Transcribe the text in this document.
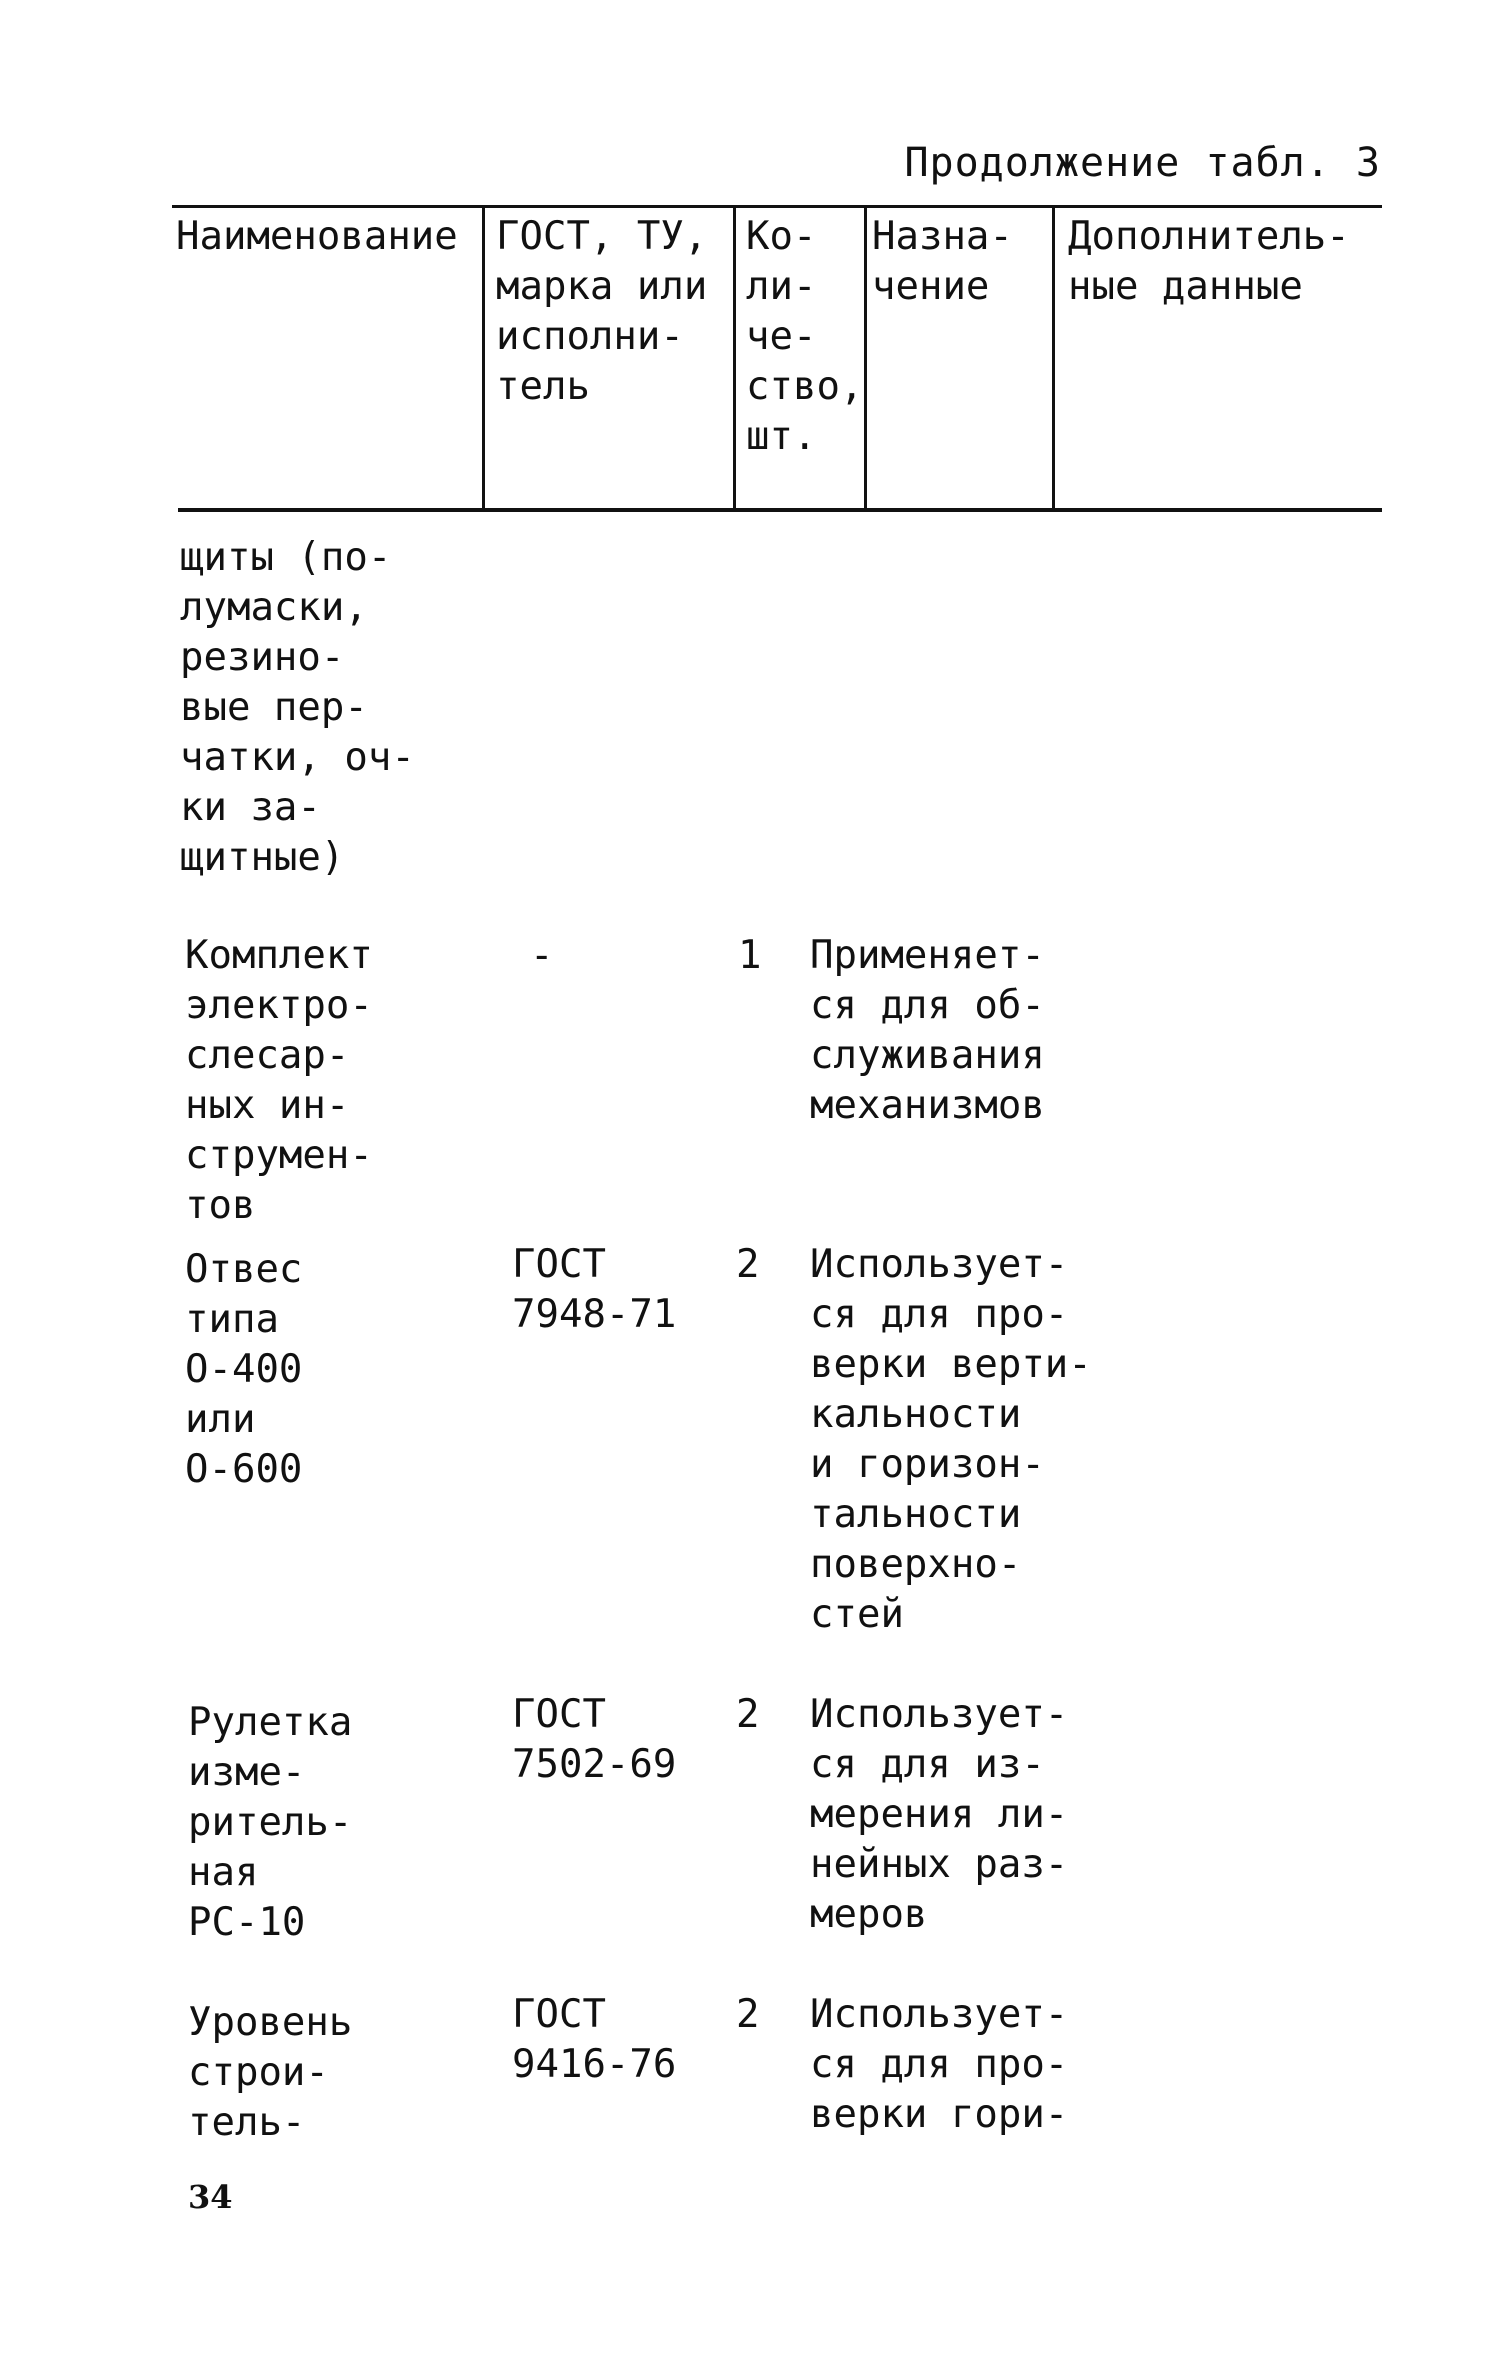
Продолжение табл. 3
Наименование ГОСТ, ТУ,
марка или
исполни-
тель
Ко-
ли-
че-
ство,
шт.
Назна-
чение
Дополнитель-
ные данные
щиты (по-
лумаски,
резино-
вые пер-
чатки, оч-
ки за-
щитные)
Комплект
электро-
слесар-
ных ин-
струмен-
тов
-	1 Применяет-
ся для об-
служивания
механизмов
Отвес
типа
О-400
или
О-600
ГОСТ
7948-71
2 Использует-
ся для про-
верки верти-
кальности
и горизон-
тальности
поверхно-
стей
Рулетка
изме-
ритель-
ная
РС-10
ГОСТ
7502-69
2 Использует-
ся для из-
мерения ли-
нейных раз-
меров
Уровень
строи-
тель-
ГОСТ
9416-76
2 Использует-
ся для про-
верки гори-
34
